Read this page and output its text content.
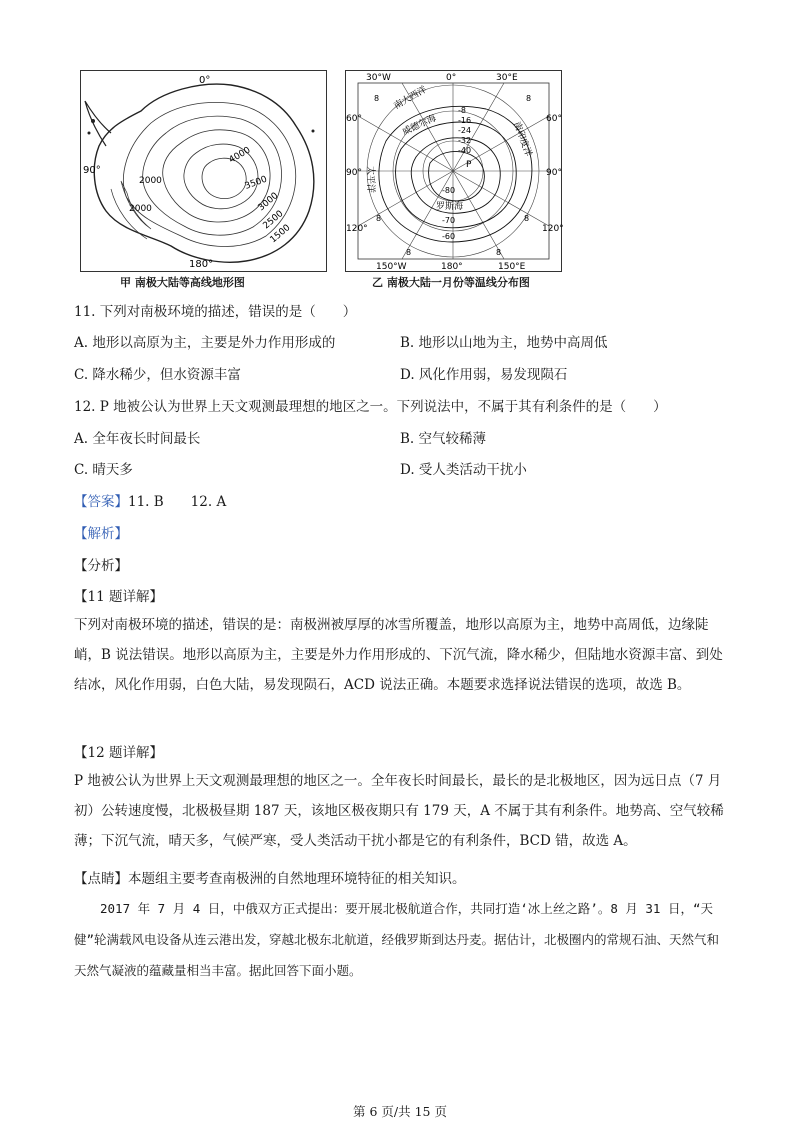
0°
90°
180°
4000
3500
3000
2500
2000
2000
1500
甲 南极大陆等高线地形图
30°W	0°	30°E
60°	60°
90°	90°
120°	120°
150°W	180°	150°E
南大西洋
威德尔海	南印度洋
太平洋
罗斯海
P
-8
-16
-24
-32
-40
-80
-70
-60
8	8
8
8
8	8
乙 南极大陆一月份等温线分布图
11. 下列对南极环境的描述，错误的是（　　）
A. 地形以高原为主，主要是外力作用形成的	B. 地形以山地为主，地势中高周低
C. 降水稀少，但水资源丰富	D. 风化作用弱，易发现陨石
12. P 地被公认为世界上天文观测最理想的地区之一。下列说法中，不属于其有利条件的是（　　）
A. 全年夜长时间最长	B. 空气较稀薄
C. 晴天多	D. 受人类活动干扰小
【答案】11. B　　12. A
【解析】
【分析】
【11 题详解】
下列对南极环境的描述，错误的是：南极洲被厚厚的冰雪所覆盖，地形以高原为主，地势中高周低，边缘陡峭，B 说法错误。地形以高原为主，主要是外力作用形成的、下沉气流，降水稀少，但陆地水资源丰富、到处结冰，风化作用弱，白色大陆，易发现陨石，ACD 说法正确。本题要求选择说法错误的选项，故选 B。
【12 题详解】
P 地被公认为世界上天文观测最理想的地区之一。全年夜长时间最长，最长的是北极地区，因为远日点（7 月初）公转速度慢，北极极昼期 187 天，该地区极夜期只有 179 天，A 不属于其有利条件。地势高、空气较稀薄；下沉气流，晴天多，气候严寒，受人类活动干扰小都是它的有利条件，BCD 错，故选 A。
【点睛】本题组主要考查南极洲的自然地理环境特征的相关知识。
2017 年 7 月 4 日，中俄双方正式提出：要开展北极航道合作，共同打造‘冰上丝之路’。8 月 31 日，“天健”轮满载风电设备从连云港出发，穿越北极东北航道，经俄罗斯到达丹麦。据估计，北极圈内的常规石油、天然气和天然气凝液的蕴藏量相当丰富。据此回答下面小题。
第 6 页/共 15 页
